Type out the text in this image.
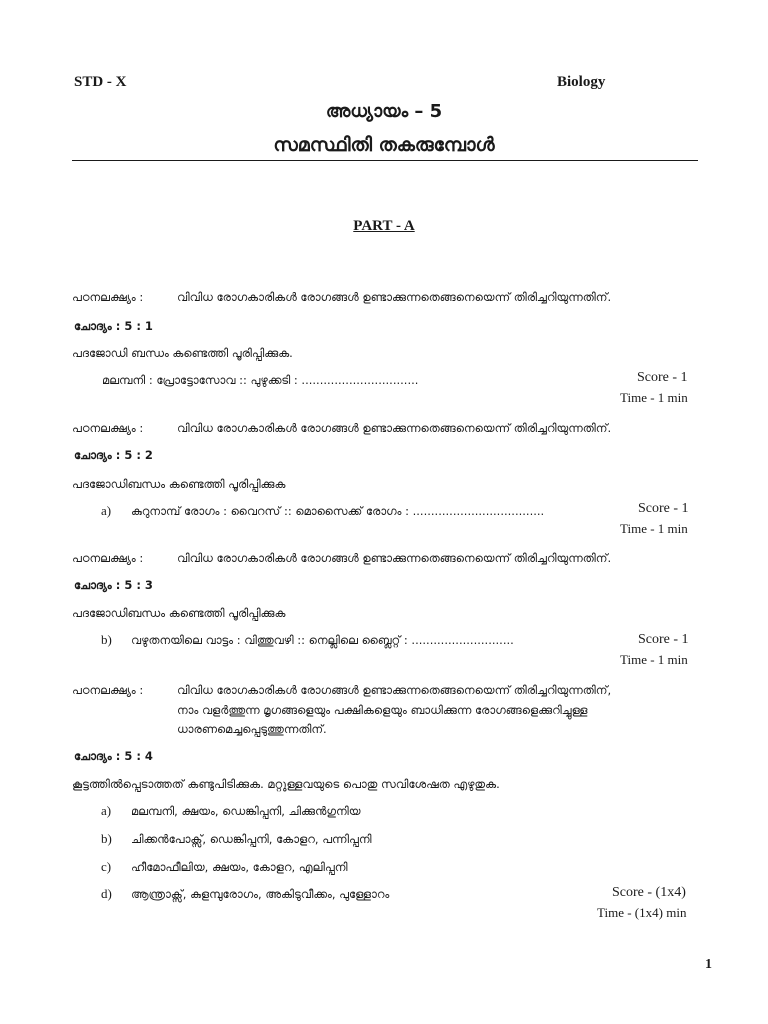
STD - X	Biology
അധ്യായം – 5
സമസ്ഥിതി തകരുമ്പോൾ
PART - A
പഠനലക്ഷ്യം :	വിവിധ രോഗകാരികൾ രോഗങ്ങൾ ഉണ്ടാക്കുന്നതെങ്ങനെയെന്ന് തിരിച്ചറിയുന്നതിന്.
ചോദ്യം : 5 : 1
പദജോഡി ബന്ധം കണ്ടെത്തി പൂരിപ്പിക്കുക.
മലമ്പനി : പ്രോട്ടോസോവ :: പുഴുക്കടി : ................................	Score - 1
Time - 1 min
പഠനലക്ഷ്യം :	വിവിധ രോഗകാരികൾ രോഗങ്ങൾ ഉണ്ടാക്കുന്നതെങ്ങനെയെന്ന് തിരിച്ചറിയുന്നതിന്.
ചോദ്യം : 5 : 2
പദജോഡിബന്ധം കണ്ടെത്തി പൂരിപ്പിക്കുക
a) കുറുനാമ്പ് രോഗം : വൈറസ് :: മൊസൈക്ക് രോഗം : ....................................	Score - 1
Time - 1 min
പഠനലക്ഷ്യം :	വിവിധ രോഗകാരികൾ രോഗങ്ങൾ ഉണ്ടാക്കുന്നതെങ്ങനെയെന്ന് തിരിച്ചറിയുന്നതിന്.
ചോദ്യം : 5 : 3
പദജോഡിബന്ധം കണ്ടെത്തി പൂരിപ്പിക്കുക
b) വഴുതനയിലെ വാട്ടം : വിത്തുവഴി :: നെല്ലിലെ ബ്ലൈറ്റ് : ............................	Score - 1
Time - 1 min
പഠനലക്ഷ്യം :	വിവിധ രോഗകാരികൾ രോഗങ്ങൾ ഉണ്ടാക്കുന്നതെങ്ങനെയെന്ന് തിരിച്ചറിയുന്നതിന്,
നാം വളർത്തുന്ന മൃഗങ്ങളെയും പക്ഷികളെയും ബാധിക്കുന്ന രോഗങ്ങളെക്കുറിച്ചുള്ള
ധാരണമെച്ചപ്പെടുത്തുന്നതിന്.
ചോദ്യം : 5 : 4
കൂട്ടത്തിൽപ്പെടാത്തത് കണ്ടുപിടിക്കുക. മറ്റുള്ളവയുടെ പൊതു സവിശേഷത എഴുതുക.
a) മലമ്പനി, ക്ഷയം, ഡെങ്കിപ്പനി, ചിക്കുൻഗുനിയ
b) ചിക്കൻപോക്സ്, ഡെങ്കിപ്പനി, കോളറ, പന്നിപ്പനി
c) ഹീമോഫീലിയ, ക്ഷയം, കോളറ, എലിപ്പനി
d) ആന്ത്രാക്സ്, കുളമ്പുരോഗം, അകിടുവീക്കം, പുള്ളോറം	Score - (1x4)
Time - (1x4) min
1
